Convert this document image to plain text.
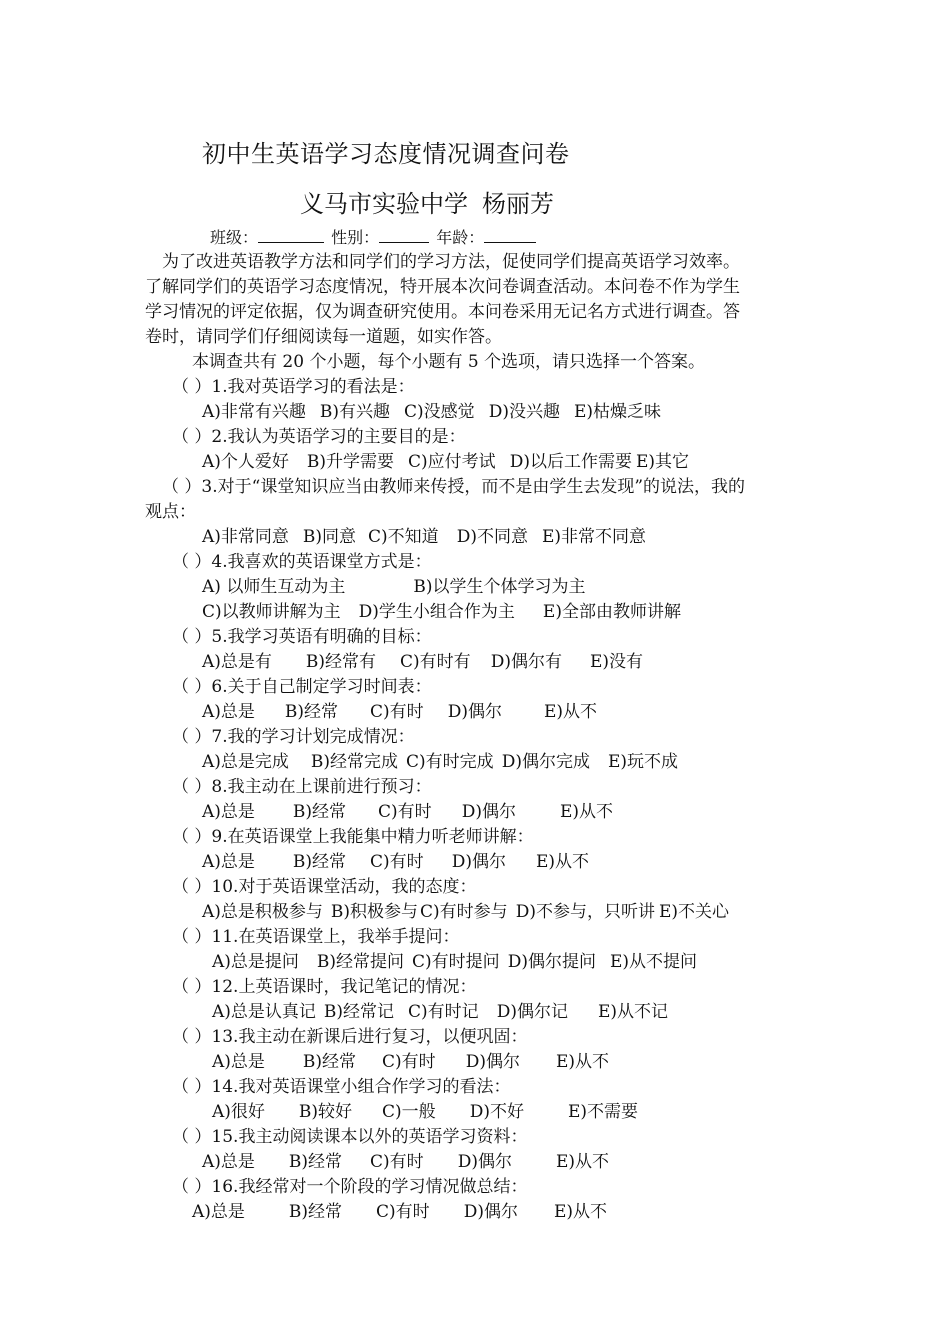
初中生英语学习态度情况调查问卷
义马市实验中学 杨丽芳
班级：	性别：	年龄：
为了改进英语教学方法和同学们的学习方法，促使同学们提高英语学习效率。
了解同学们的英语学习态度情况，特开展本次问卷调查活动。本问卷不作为学生
学习情况的评定依据，仅为调查研究使用。本问卷采用无记名方式进行调查。答
卷时，请同学们仔细阅读每一道题，如实作答。
本调查共有 20 个小题，每个小题有 5 个选项，请只选择一个答案。
（ ）1.我对英语学习的看法是：
A)非常有兴趣 B)有兴趣 C)没感觉 D)没兴趣 E)枯燥乏味
（ ）2.我认为英语学习的主要目的是：
A)个人爱好 B)升学需要 C)应付考试 D)以后工作需要 E)其它
（ ）3.对于“课堂知识应当由教师来传授，而不是由学生去发现”的说法，我的
观点：
A)非常同意 B)同意 C)不知道 D)不同意 E)非常不同意
（ ）4.我喜欢的英语课堂方式是：
A) 以师生互动为主	B)以学生个体学习为主
C)以教师讲解为主 D)学生小组合作为主 E)全部由教师讲解
（ ）5.我学习英语有明确的目标：
A)总是有 B)经常有 C)有时有 D)偶尔有 E)没有
（ ）6.关于自己制定学习时间表：
A)总是 B)经常 C)有时 D)偶尔 E)从不
（ ）7.我的学习计划完成情况：
A)总是完成 B)经常完成 C)有时完成 D)偶尔完成 E)玩不成
（ ）8.我主动在上课前进行预习：
A)总是 B)经常 C)有时 D)偶尔	E)从不
（ ）9.在英语课堂上我能集中精力听老师讲解：
A)总是 B)经常 C)有时 D)偶尔 E)从不
（ ）10.对于英语课堂活动，我的态度：
A)总是积极参与 B)积极参与 C)有时参与 D)不参与，只听讲 E)不关心
（ ）11.在英语课堂上，我举手提问：
A)总是提问 B)经常提问 C)有时提问 D)偶尔提问 E)从不提问
（ ）12.上英语课时，我记笔记的情况：
A)总是认真记 B)经常记 C)有时记 D)偶尔记 E)从不记
（ ）13.我主动在新课后进行复习，以便巩固：
A)总是 B)经常 C)有时 D)偶尔 E)从不
（ ）14.我对英语课堂小组合作学习的看法：
A)很好 B)较好 C)一般 D)不好	E)不需要
（ ）15.我主动阅读课本以外的英语学习资料：
A)总是 B)经常 C)有时 D)偶尔	E)从不
（ ）16.我经常对一个阶段的学习情况做总结：
A)总是	B)经常 C)有时 D)偶尔 E)从不
